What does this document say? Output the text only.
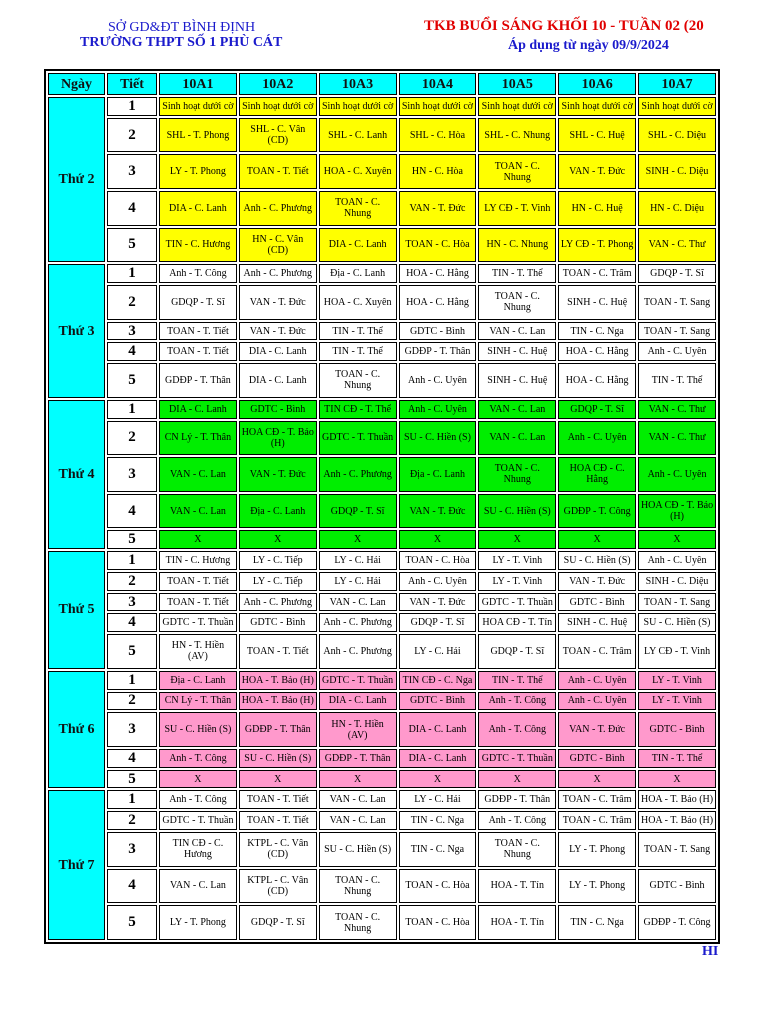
SỞ GD&ĐT BÌNH ĐỊNH
TRƯỜNG THPT SỐ 1 PHÙ CÁT
TKB BUỔI SÁNG KHỐI 10 - TUẦN 02 (20
Áp dụng từ ngày 09/9/2024
Ngày	Tiết	10A1	10A2	10A3	10A4	10A5	10A6	10A7
Thứ 2	1	Sinh hoạt dưới cờ	Sinh hoạt dưới cờ	Sinh hoạt dưới cờ	Sinh hoạt dưới cờ	Sinh hoạt dưới cờ	Sinh hoạt dưới cờ	Sinh hoạt dưới cờ
	2	SHL - T. Phong	SHL - C. Vân (CD)	SHL - C. Lanh	SHL - C. Hòa	SHL - C. Nhung	SHL - C. Huệ	SHL - C. Diệu
	3	LY - T. Phong	TOAN - T. Tiết	HOA - C. Xuyên	HN - C. Hòa	TOAN - C. Nhung	VAN - T. Đức	SINH - C. Diệu
	4	DIA - C. Lanh	Anh - C. Phương	TOAN - C. Nhung	VAN - T. Đức	LY CĐ - T. Vinh	HN - C. Huệ	HN - C. Diệu
	5	TIN - C. Hương	HN - C. Vân (CD)	DIA - C. Lanh	TOAN - C. Hòa	HN - C. Nhung	LY CĐ - T. Phong	VAN - C. Thư
Thứ 3	1	Anh - T. Công	Anh - C. Phương	Địa - C. Lanh	HOA - C. Hằng	TIN - T. Thể	TOAN - C. Trâm	GDQP - T. Sĩ
	2	GDQP - T. Sĩ	VAN - T. Đức	HOA - C. Xuyên	HOA - C. Hằng	TOAN - C. Nhung	SINH - C. Huệ	TOAN - T. Sang
	3	TOAN - T. Tiết	VAN - T. Đức	TIN - T. Thể	GDTC - Bình	VAN - C. Lan	TIN - C. Nga	TOAN - T. Sang
	4	TOAN - T. Tiết	DIA - C. Lanh	TIN - T. Thể	GDĐP - T. Thân	SINH - C. Huệ	HOA - C. Hằng	Anh - C. Uyên
	5	GDĐP - T. Thân	DIA - C. Lanh	TOAN - C. Nhung	Anh - C. Uyên	SINH - C. Huệ	HOA - C. Hằng	TIN - T. Thể
Thứ 4	1	DIA - C. Lanh	GDTC - Bình	TIN CĐ - T. Thể	Anh - C. Uyên	VAN - C. Lan	GDQP - T. Sĩ	VAN - C. Thư
	2	CN Lý - T. Thân	HOA CĐ - T. Bảo (H)	GDTC - T. Thuần	SU - C. Hiền (S)	VAN - C. Lan	Anh - C. Uyên	VAN - C. Thư
	3	VAN - C. Lan	VAN - T. Đức	Anh - C. Phương	Địa - C. Lanh	TOAN - C. Nhung	HOA CĐ - C. Hằng	Anh - C. Uyên
	4	VAN - C. Lan	Địa - C. Lanh	GDQP - T. Sĩ	VAN - T. Đức	SU - C. Hiền (S)	GDĐP - T. Công	HOA CĐ - T. Bảo (H)
	5	X	X	X	X	X	X	X
Thứ 5	1	TIN - C. Hương	LY - C. Tiếp	LY - C. Hải	TOAN - C. Hòa	LY - T. Vinh	SU - C. Hiền (S)	Anh - C. Uyên
	2	TOAN - T. Tiết	LY - C. Tiếp	LY - C. Hải	Anh - C. Uyên	LY - T. Vinh	VAN - T. Đức	SINH - C. Diệu
	3	TOAN - T. Tiết	Anh - C. Phương	VAN - C. Lan	VAN - T. Đức	GDTC - T. Thuần	GDTC - Bình	TOAN - T. Sang
	4	GDTC - T. Thuần	GDTC - Bình	Anh - C. Phương	GDQP - T. Sĩ	HOA CĐ - T. Tín	SINH - C. Huệ	SU - C. Hiền (S)
	5	HN - T. Hiền (AV)	TOAN - T. Tiết	Anh - C. Phương	LY - C. Hải	GDQP - T. Sĩ	TOAN - C. Trâm	LY CĐ - T. Vinh
Thứ 6	1	Địa - C. Lanh	HOA - T. Bảo (H)	GDTC - T. Thuần	TIN CĐ - C. Nga	TIN - T. Thể	Anh - C. Uyên	LY - T. Vinh
	2	CN Lý - T. Thân	HOA - T. Bảo (H)	DIA - C. Lanh	GDTC - Bình	Anh - T. Công	Anh - C. Uyên	LY - T. Vinh
	3	SU - C. Hiền (S)	GDĐP - T. Thân	HN - T. Hiền (AV)	DIA - C. Lanh	Anh - T. Công	VAN - T. Đức	GDTC - Bình
	4	Anh - T. Công	SU - C. Hiền (S)	GDĐP - T. Thân	DIA - C. Lanh	GDTC - T. Thuần	GDTC - Bình	TIN - T. Thể
	5	X	X	X	X	X	X	X
Thứ 7	1	Anh - T. Công	TOAN - T. Tiết	VAN - C. Lan	LY - C. Hải	GDĐP - T. Thân	TOAN - C. Trâm	HOA - T. Bảo (H)
	2	GDTC - T. Thuần	TOAN - T. Tiết	VAN - C. Lan	TIN - C. Nga	Anh - T. Công	TOAN - C. Trâm	HOA - T. Bảo (H)
	3	TIN CĐ - C. Hương	KTPL - C. Vân (CD)	SU - C. Hiền (S)	TIN - C. Nga	TOAN - C. Nhung	LY - T. Phong	TOAN - T. Sang
	4	VAN - C. Lan	KTPL - C. Vân (CD)	TOAN - C. Nhung	TOAN - C. Hòa	HOA - T. Tín	LY - T. Phong	GDTC - Bình
	5	LY - T. Phong	GDQP - T. Sĩ	TOAN - C. Nhung	TOAN - C. Hòa	HOA - T. Tín	TIN - C. Nga	GDĐP - T. Công
HI
